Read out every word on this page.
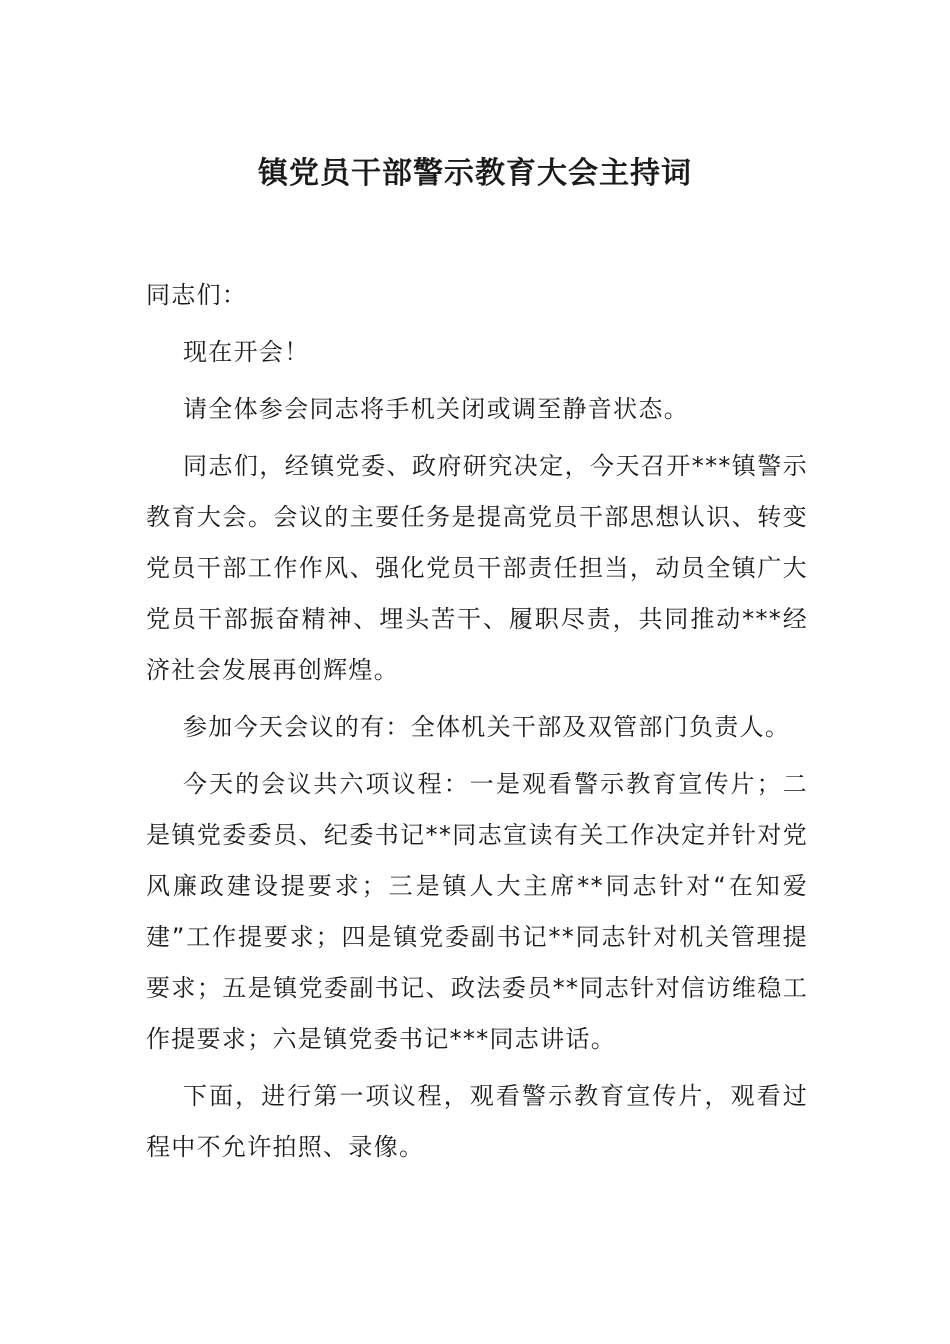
镇党员干部警示教育大会主持词

同志们：

现在开会！

请全体参会同志将手机关闭或调至静音状态。

同志们，经镇党委、政府研究决定，今天召开***镇警示教育大会。会议的主要任务是提高党员干部思想认识、转变党员干部工作作风、强化党员干部责任担当，动员全镇广大党员干部振奋精神、埋头苦干、履职尽责，共同推动***经济社会发展再创辉煌。

参加今天会议的有：全体机关干部及双管部门负责人。

今天的会议共六项议程：一是观看警示教育宣传片；二是镇党委委员、纪委书记**同志宣读有关工作决定并针对党风廉政建设提要求；三是镇人大主席**同志针对“在知爱建”工作提要求；四是镇党委副书记**同志针对机关管理提要求；五是镇党委副书记、政法委员**同志针对信访维稳工作提要求；六是镇党委书记***同志讲话。

下面，进行第一项议程，观看警示教育宣传片，观看过程中不允许拍照、录像。
